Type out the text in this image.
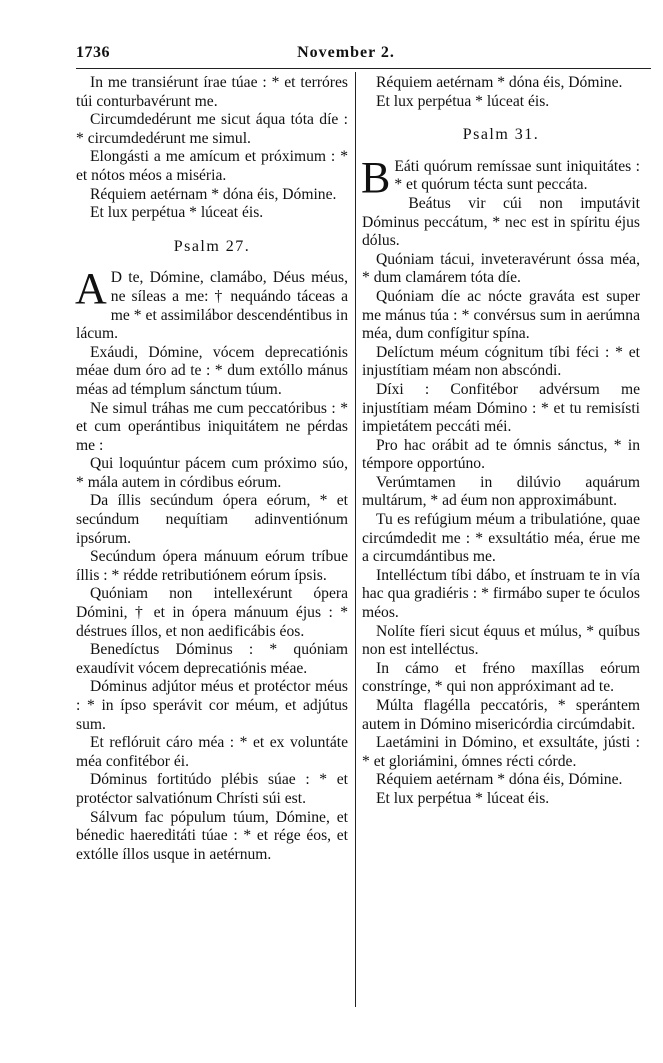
1736	November 2.

In me transiérunt írae túae : * et terróres túi conturbavérunt me.

Circumdedérunt me sicut áqua tóta díe : * circumdedérunt me simul.

Elongásti a me amícum et próximum : * et nótos méos a miséria.

Réquiem aetérnam * dóna éis, Dómine.

Et lux perpétua * lúceat éis.

Psalm 27.

A D te, Dómine, clamábo, Déus méus, ne síleas a me: † nequándo táceas a me * et assimilábor descendéntibus in lácum.

Exáudi, Dómine, vócem deprecatiónis méae dum óro ad te : * dum extóllo mánus méas ad témplum sánctum túum.

Ne simul tráhas me cum peccatóribus : * et cum operántibus iniquitátem ne pérdas me :

Qui loquúntur pácem cum próximo súo, * mála autem in córdibus eórum.

Da íllis secúndum ópera eórum, * et secúndum nequítiam adinventiónum ipsórum.

Secúndum ópera mánuum eórum tríbue íllis : * rédde retributiónem eórum ípsis.

Quóniam non intellexérunt ópera Dómini, † et in ópera mánuum éjus : * déstrues íllos, et non aedificábis éos.

Benedíctus Dóminus : * quóniam exaudívit vócem deprecatiónis méae.

Dóminus adjútor méus et protéctor méus : * in ípso sperávit cor méum, et adjútus sum.

Et reflóruit cáro méa : * et ex voluntáte méa confitébor éi.

Dóminus fortitúdo plébis súae : * et protéctor salvatiónum Chrísti súi est.

Sálvum fac pópulum túum, Dómine, et bénedic haereditáti túae : * et rége éos, et extólle íllos usque in aetérnum.

Réquiem aetérnam * dóna éis, Dómine.

Et lux perpétua * lúceat éis.

Psalm 31.

B Eáti quórum remíssae sunt iniquitátes : * et quórum técta sunt peccáta.

Beátus vir cúi non imputávit Dóminus peccátum, * nec est in spíritu éjus dólus.

Quóniam tácui, inveteravérunt óssa méa, * dum clamárem tóta díe.

Quóniam díe ac nócte graváta est super me mánus túa : * convérsus sum in aerúmna méa, dum confígitur spína.

Delíctum méum cógnitum tíbi féci : * et injustítiam méam non abscóndi.

Díxi : Confitébor advérsum me injustítiam méam Dómino : * et tu remisísti impietátem peccáti méi.

Pro hac orábit ad te ómnis sánctus, * in témpore opportúno.

Verúmtamen in dilúvio aquárum multárum, * ad éum non approximábunt.

Tu es refúgium méum a tribulatióne, quae circúmdedit me : * exsultátio méa, érue me a circumdántibus me.

Intelléctum tíbi dábo, et ínstruam te in vía hac qua gradiéris : * firmábo super te óculos méos.

Nolíte fíeri sicut équus et múlus, * quíbus non est intelléctus.

In cámo et fréno maxíllas eórum constrínge, * qui non appróximant ad te.

Múlta flagélla peccatóris, * sperántem autem in Dómino misericórdia circúmdabit.

Laetámini in Dómino, et exsultáte, jústi : * et gloriámini, ómnes récti córde.

Réquiem aetérnam * dóna éis, Dómine.

Et lux perpétua * lúceat éis.
